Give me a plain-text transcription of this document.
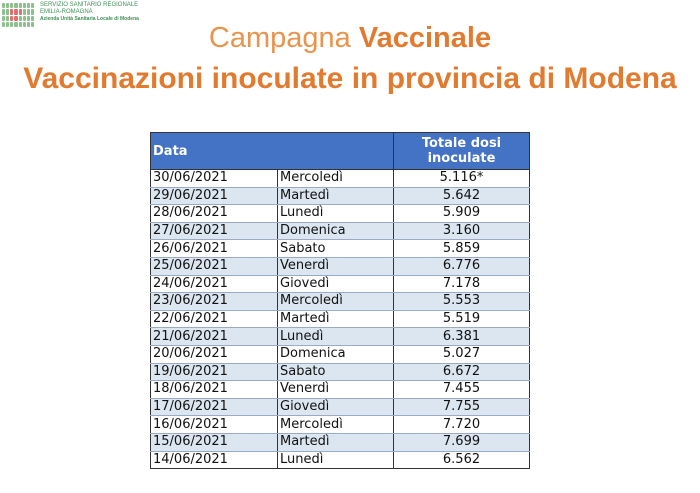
SERVIZIO SANITARIO REGIONALE
EMILIA-ROMAGNA
Azienda Unità Sanitaria Locale di Modena
Campagna Vaccinale
Vaccinazioni inoculate in provincia di Modena
Data		Totale dosi inoculate
30/06/2021	Mercoledì	5.116*
29/06/2021	Martedì	5.642
28/06/2021	Lunedì	5.909
27/06/2021	Domenica	3.160
26/06/2021	Sabato	5.859
25/06/2021	Venerdì	6.776
24/06/2021	Giovedì	7.178
23/06/2021	Mercoledì	5.553
22/06/2021	Martedì	5.519
21/06/2021	Lunedì	6.381
20/06/2021	Domenica	5.027
19/06/2021	Sabato	6.672
18/06/2021	Venerdì	7.455
17/06/2021	Giovedì	7.755
16/06/2021	Mercoledì	7.720
15/06/2021	Martedì	7.699
14/06/2021	Lunedì	6.562
